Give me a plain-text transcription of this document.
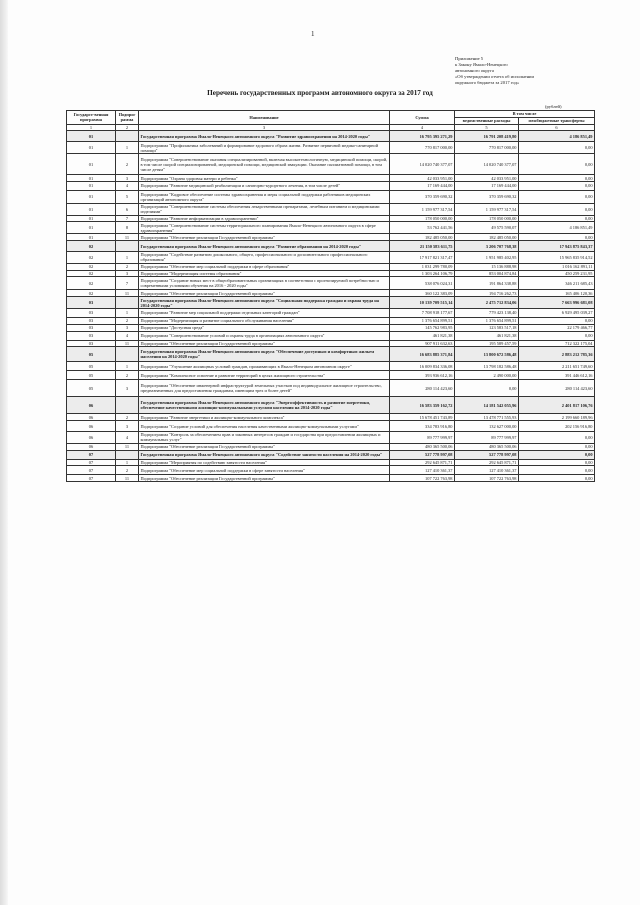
1
Приложение 5
к Закону Ямало-Ненецкого
автономного округа
«Об утверждении отчета об исполнении
окружного бюджета за 2017 год»
Перечень государственных программ автономного округа за 2017 год
(рублей)
Государст-венная программа	Подпрог рамма	Наименование	Сумма	В том числе	
				ведомственные расходы	межбюджетные трансферты
1	2	3	4	5	6
01		Государственная программа Ямало-Ненецкого автономного округа "Развитие здравоохранения на 2014-2020 годы"	16 795 395 271,29	16 791 208 419,80	4 186 851,49
01	1	Подпрограмма "Профилактика заболеваний и формирование здорового образа жизни. Развитие первичной медико-санитарной помощи"	770 817 000,00	770 817 000,00	0,00
01	2	Подпрограмма "Совершенствование оказания специализированной, включая высокотехнологичную, медицинской помощи, скорой, в том числе скорой специализированной, медицинской помощи, медицинской эвакуации. Оказание паллиативной помощи, в том числе детям"	14 020 740 377,07	14 020 740 377,07	0,00
01	3	Подпрограмма "Охрана здоровья матери и ребенка"	42 033 951,00	42 033 951,00	0,00
01	4	Подпрограмма "Развитие медицинской реабилитации и санаторно-курортного лечения, в том числе детей"	17 169 444,00	17 169 444,00	0,00
01	5	Подпрограмма "Кадровое обеспечение системы здравоохранения и меры социальной поддержки работников медицинских организаций автономного округа"	370 359 690,32	370 359 690,32	0,00
01	6	Подпрограмма "Совершенствование системы обеспечения лекарственными препаратами, лечебным питанием и медицинскими изделиями"	1 159 977 317,54	1 159 977 317,54	0,00
01	7	Подпрограмма "Развитие информатизации в здравоохранении"	178 050 000,00	178 050 000,00	0,00
01	8	Подпрограмма "Совершенствование системы территориального планирования Ямало-Ненецкого автономного округа в сфере здравоохранения"	53 762 441,56	49 575 590,07	4 186 851,49
01	11	Подпрограмма "Обеспечение реализации Государственной программы"	182 485 050,00	182 485 050,00	0,00
02		Государственная программа Ямало-Ненецкого автономного округа "Развитие образования на 2014-2020 годы"	21 150 583 611,75	3 206 707 768,38	17 943 875 843,37
02	1	Подпрограмма "Содействие развитию дошкольного, общего, профессионального и дополнительного профессионального образования"	17 917 821 317,47	1 951 985 402,95	15 965 835 914,52
02	2	Подпрограмма "Обеспечение мер социальной поддержки в сфере образования"	1 031 299 780,09	15 136 888,98	1 016 162 891,11
02	3	Подпрограмма "Модернизация системы образования"	1 303 264 106,79	853 004 874,84	450 259 231,95
02	7	Подпрограмма "Создание новых мест в общеобразовательных организациях в соответствии с прогнозируемой потребностью и современными условиями обучения на 2016 - 2020 годы"	538 076 024,31	191 864 338,88	346 211 685,43
02	11	Подпрограмма "Обеспечение реализации Государственной программы"	360 122 383,09	194 716 262,73	165 406 120,36
03		Государственная программа Ямало-Ненецкого автономного округа "Социальная поддержка граждан и охрана труда на 2014-2020 годы"	10 139 709 515,14	2 475 712 834,06	7 663 996 681,08
03	1	Подпрограмма "Развитие мер социальной поддержки отдельных категорий граждан"	7 708 918 177,67	779 423 138,40	6 929 495 039,27
03	2	Подпрограмма "Модернизация и развитие социального обслуживания населения"	1 376 654 899,51	1 376 654 899,51	0,00
03	3	Подпрограмма "Доступная среда"	145 762 983,95	123 583 517,18	22 179 466,77
03	4	Подпрограмма "Совершенствование условий и охраны труда в организациях автономного округа"	461 821,38	461 821,38	0,00
03	11	Подпрограмма "Обеспечение реализации Государственной программы"	907 911 632,63	195 589 457,59	712 322 175,04
05		Государственная программа Ямало-Ненецкого автономного округа "Обеспечение доступным и комфортным жильем населения на 2014-2020 годы"	16 683 885 371,84	13 800 672 586,48	2 883 212 785,36
05	1	Подпрограмма "Улучшение жилищных условий граждан, проживающих в Ямало-Ненецком автономном округе"	16 009 834 336,08	13 798 182 586,48	2 211 651 749,60
05	2	Подпрограмма "Комплексное освоение и развитие территорий в целях жилищного строительства"	393 936 612,16	2 490 000,00	391 446 612,16
05	3	Подпрограмма "Обеспечение инженерной инфраструктурой земельных участков под индивидуальное жилищное строительство, предназначенных для предоставления гражданам, имеющим трех и более детей"	280 114 423,60	0,00	280 114 423,60
06		Государственная программа Ямало-Ненецкого автономного округа "Энергоэффективность и развитие энергетики, обеспечение качественными жилищно-коммунальными услугами населения на 2014-2020 годы"	16 583 359 162,72	14 181 542 055,96	2 401 817 106,76
06	2	Подпрограмма "Развитие энергетики и жилищно-коммунального комплекса"	15 678 451 743,89	13 478 771 555,93	2 199 660 189,96
06	3	Подпрограмма "Создание условий для обеспечения населения качественными жилищно-коммунальными услугами"	334 783 916,80	132 627 000,00	202 156 916,80
06	4	Подпрограмма "Контроль за обеспечением прав и законных интересов граждан и государства при предоставлении жилищных и коммунальных услуг"	89 777 999,97	89 777 999,97	0,00
06	11	Подпрограмма "Обеспечение реализации Государственной программы"	480 365 500,06	480 365 500,06	0,00
07		Государственная программа Ямало-Ненецкого автономного округа "Содействие занятости населения на 2014-2020 годы"	527 778 997,08	527 778 997,08	0,00
07	1	Подпрограмма "Мероприятия по содействию занятости населения"	292 645 871,71	292 645 871,71	0,00
07	2	Подпрограмма "Обеспечение мер социальной поддержки в сфере занятости населения"	127 410 361,37	127 410 361,37	0,00
07	11	Подпрограмма "Обеспечение реализации Государственной программы"	107 722 763,98	107 722 763,98	0,00
